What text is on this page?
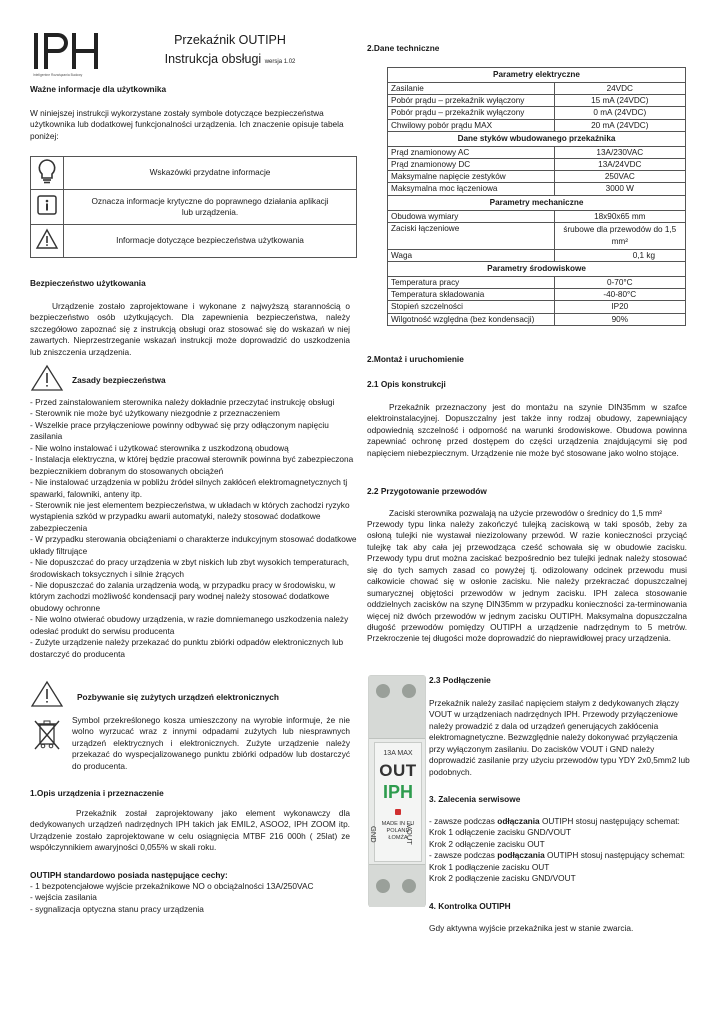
Inteligentne Rozwiązania Budowy
Przekaźnik OUTIPH
Instrukcja obsługi wersja 1.02

Ważne informacje dla użytkownika

W niniejszej instrukcji wykorzystane zostały symbole dotyczące bezpieczeństwa użytkownika lub dodatkowej funkcjonalności urządzenia. Ich znaczenie opisuje tabela poniżej:

	Wskazówki przydatne informacje
	Oznacza informacje krytyczne do poprawnego działania aplikacji lub urządzenia.
	Informacje dotyczące bezpieczeństwa użytkowania

Bezpieczeństwo użytkowania

Urządzenie zostało zaprojektowane i wykonane z najwyższą starannością o bezpieczeństwo osób użytkujących. Dla zapewnienia bezpieczeństwa, należy szczegółowo zapoznać się z instrukcją obsługi oraz stosować się do wskazań w niej zawartych. Nieprzestrzeganie wskazań instrukcji może doprowadzić do uszkodzenia lub zniszczenia urządzenia.

Zasady bezpieczeństwa

- Przed zainstalowaniem sterownika należy dokładnie przeczytać instrukcję obsługi

- Sterownik nie może być użytkowany niezgodnie z przeznaczeniem

- Wszelkie prace przyłączeniowe powinny odbywać się przy odłączonym napięciu zasilania

- Nie wolno instalować i użytkować sterownika z uszkodzoną obudową

- Instalacja elektryczna, w której będzie pracował sterownik powinna być zabezpieczona bezpiecznikiem dobranym do stosowanych obciążeń

- Nie instalować urządzenia w pobliżu źródeł silnych zakłóceń elektromagnetycznych tj spawarki, falowniki, anteny itp.

- Sterownik nie jest elementem bezpieczeństwa, w układach w których zachodzi ryzyko wystąpienia szkód w przypadku awarii automatyki, należy stosować dodatkowe zabezpieczenia

- W przypadku sterowania obciążeniami o charakterze indukcyjnym stosować dodatkowe układy filtrujące

- Nie dopuszczać do pracy urządzenia w zbyt niskich lub zbyt wysokich temperaturach, środowiskach toksycznych i silnie żrących

- Nie dopuszczać do zalania urządzenia wodą, w przypadku pracy w środowisku, w którym zachodzi możliwość kondensacji pary wodnej należy stosować dodatkowe obudowy ochronne

- Nie wolno otwierać obudowy urządzenia, w razie domniemanego uszkodzenia należy odesłać produkt do serwisu producenta

- Zużyte urządzenie należy przekazać do punktu zbiórki odpadów elektronicznych lub dostarczyć do producenta

Pozbywanie się zużytych urządzeń elektronicznych

Symbol przekreślonego kosza umieszczony na wyrobie informuje, że nie wolno wyrzucać wraz z innymi odpadami zużytych lub niesprawnych urządzeń elektrycznych i elektronicznych. Zużyte urządzenie należy przekazać do wyspecjalizowanego punktu zbiórki odpadów lub dostarczyć do producenta.

1.Opis urządzenia i przeznaczenie

Przekaźnik został zaprojektowany jako element wykonawczy dla dedykowanych urządzeń nadrzędnych IPH takich jak EMIL2, ASOO2, IPH ZOOM itp. Urządzenie zostało zaprojektowane w celu osiągnięcia MTBF 216 000h ( 25lat) ze współczynnikiem awaryjności 0,055% w skali roku.

OUTIPH standardowo posiada następujące cechy:

- 1 bezpotencjałowe wyjście przekaźnikowe NO o obciążalności 13A/250VAC

- wejścia zasilania

- sygnalizacja optyczna stanu pracy urządzenia

2.Dane techniczne

Parametry elektryczne	
Zasilanie	24VDC
Pobór prądu – przekaźnik wyłączony	15 mA (24VDC)
Pobór prądu – przekaźnik wyłączony	0 mA (24VDC)
Chwilowy pobór prądu MAX	20 mA (24VDC)
Dane styków wbudowanego przekaźnika	
Prąd znamionowy AC	13A/230VAC
Prąd znamionowy DC	13A/24VDC
Maksymalne napięcie zestyków	250VAC
Maksymalna moc łączeniowa	3000 W
Parametry mechaniczne	
Obudowa wymiary	18x90x65 mm
Zaciski łączeniowe	śrubowe dla przewodów do 1,5 mm²
Waga	0,1 kg
Parametry środowiskowe	
Temperatura pracy	0-70°C
Temperatura składowania	-40-80°C
Stopień szczelności	IP20
Wilgotność względna (bez kondensacji)	90%

2.Montaż i uruchomienie

2.1 Opis konstrukcji

Przekaźnik przeznaczony jest do montażu na szynie DIN35mm w szafce elektroinstalacyjnej. Dopuszczalny jest także inny rodzaj obudowy, zapewniający odpowiednią szczelność i odporność na warunki środowiskowe. Obudowa powinna zapewniać ochronę przed dostępem do części urządzenia znajdującymi się pod napięciem niebezpiecznym. Urządzenie nie może być stosowane jako wolno stojące.

2.2 Przygotowanie przewodów

Zaciski sterownika pozwalają na użycie przewodów o średnicy do 1,5 mm²

Przewody typu linka należy zakończyć tulejką zaciskową w taki sposób, żeby za osłoną tulejki nie wystawał niezizolowany przewód. W razie konieczności przyciąć tulejkę tak aby cała jej przewodząca cześć schowała się w obudowie zacisku. Przewody typu drut można zaciskać bezpośrednio bez tulejki jednak należy stosować się do tych samych zasad co powyżej tj. odizolowany odcinek przewodu musi całkowicie chować się w osłonie zacisku. Nie należy przekraczać dopuszczalnej sumarycznej objętości przewodów w jednym zacisku. IPH zaleca stosowanie oddzielnych zacisków na szynę DIN35mm w przypadku konieczności za-terminowania więcej niż dwóch przewodów w jednym zacisku OUTIPH. Maksymalna dopuszczalna długość przewodów pomiędzy OUTIPH a urządzenie nadrzędnym to 5 metrów. Przekroczenie tej długości może doprowadzić do nieprawidłowej pracy urządzenia.

13A MAX
OUT
IPH
MADE IN EU
POLAND
ŁOMŻA
GND	VOUT

2.3 Podłączenie

Przekaźnik należy zasilać napięciem stałym z dedykowanych złączy VOUT w urządzeniach nadrzędnych IPH. Przewody przyłączeniowe należy prowadzić z dala od urządzeń generujących zakłócenia elektromagnetyczne. Bezwzględnie należy dokonywać przyłączenia przy wyłączonym zasilaniu. Do zacisków VOUT i GND należy doprowadzić zasilanie przy użyciu przewodów typu YDY 2x0,5mm2 lub podobnych.

3. Zalecenia serwisowe

- zawsze podczas odłączania OUTIPH stosuj następujący schemat:

Krok 1 odłączenie zacisku GND/VOUT

Krok 2 odłączenie zacisku OUT

- zawsze podczas podłączania OUTIPH stosuj następujący schemat:

Krok 1 podłączenie zacisku OUT

Krok 2 podłączenie zacisku GND/VOUT

4. Kontrolka OUTIPH

Gdy aktywna wyjście przekaźnika jest w stanie zwarcia.
